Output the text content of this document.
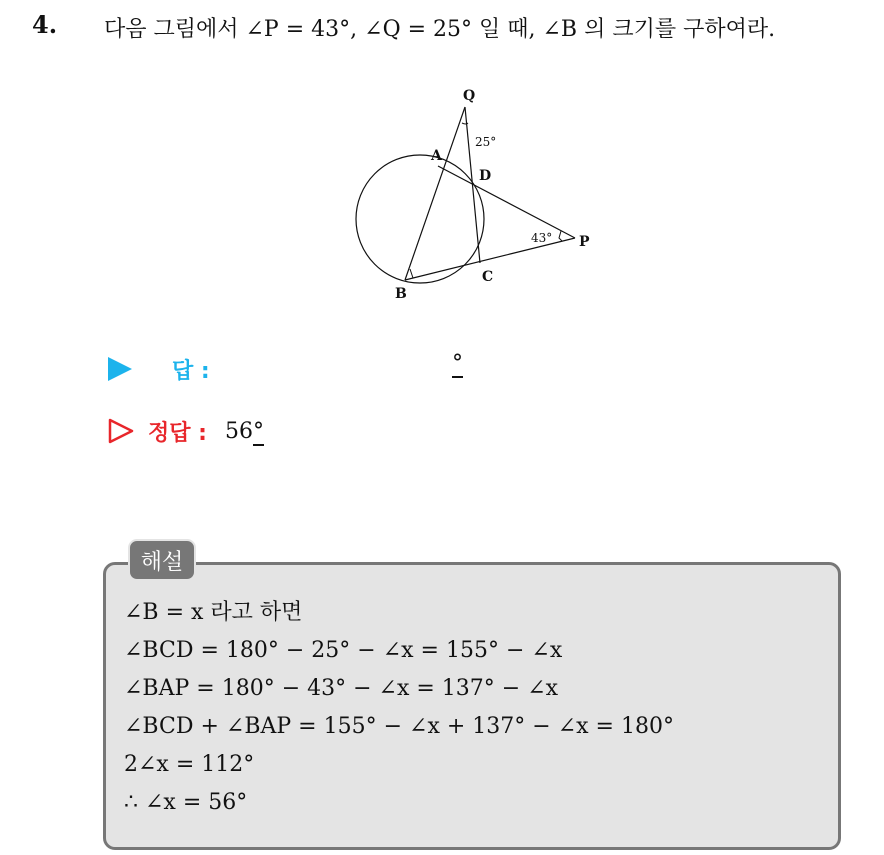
4. 다음 그림에서 ∠P = 43°, ∠Q = 25° 일 때, ∠B 의 크기를 구하여라.
Q
25°
A
D
43° P
C
B
답 :	°
정답 : 56°
해설
∠B = x 라고 하면
∠BCD = 180° − 25° − ∠x = 155° − ∠x
∠BAP = 180° − 43° − ∠x = 137° − ∠x
∠BCD + ∠BAP = 155° − ∠x + 137° − ∠x = 180°
2∠x = 112°
∴ ∠x = 56°
